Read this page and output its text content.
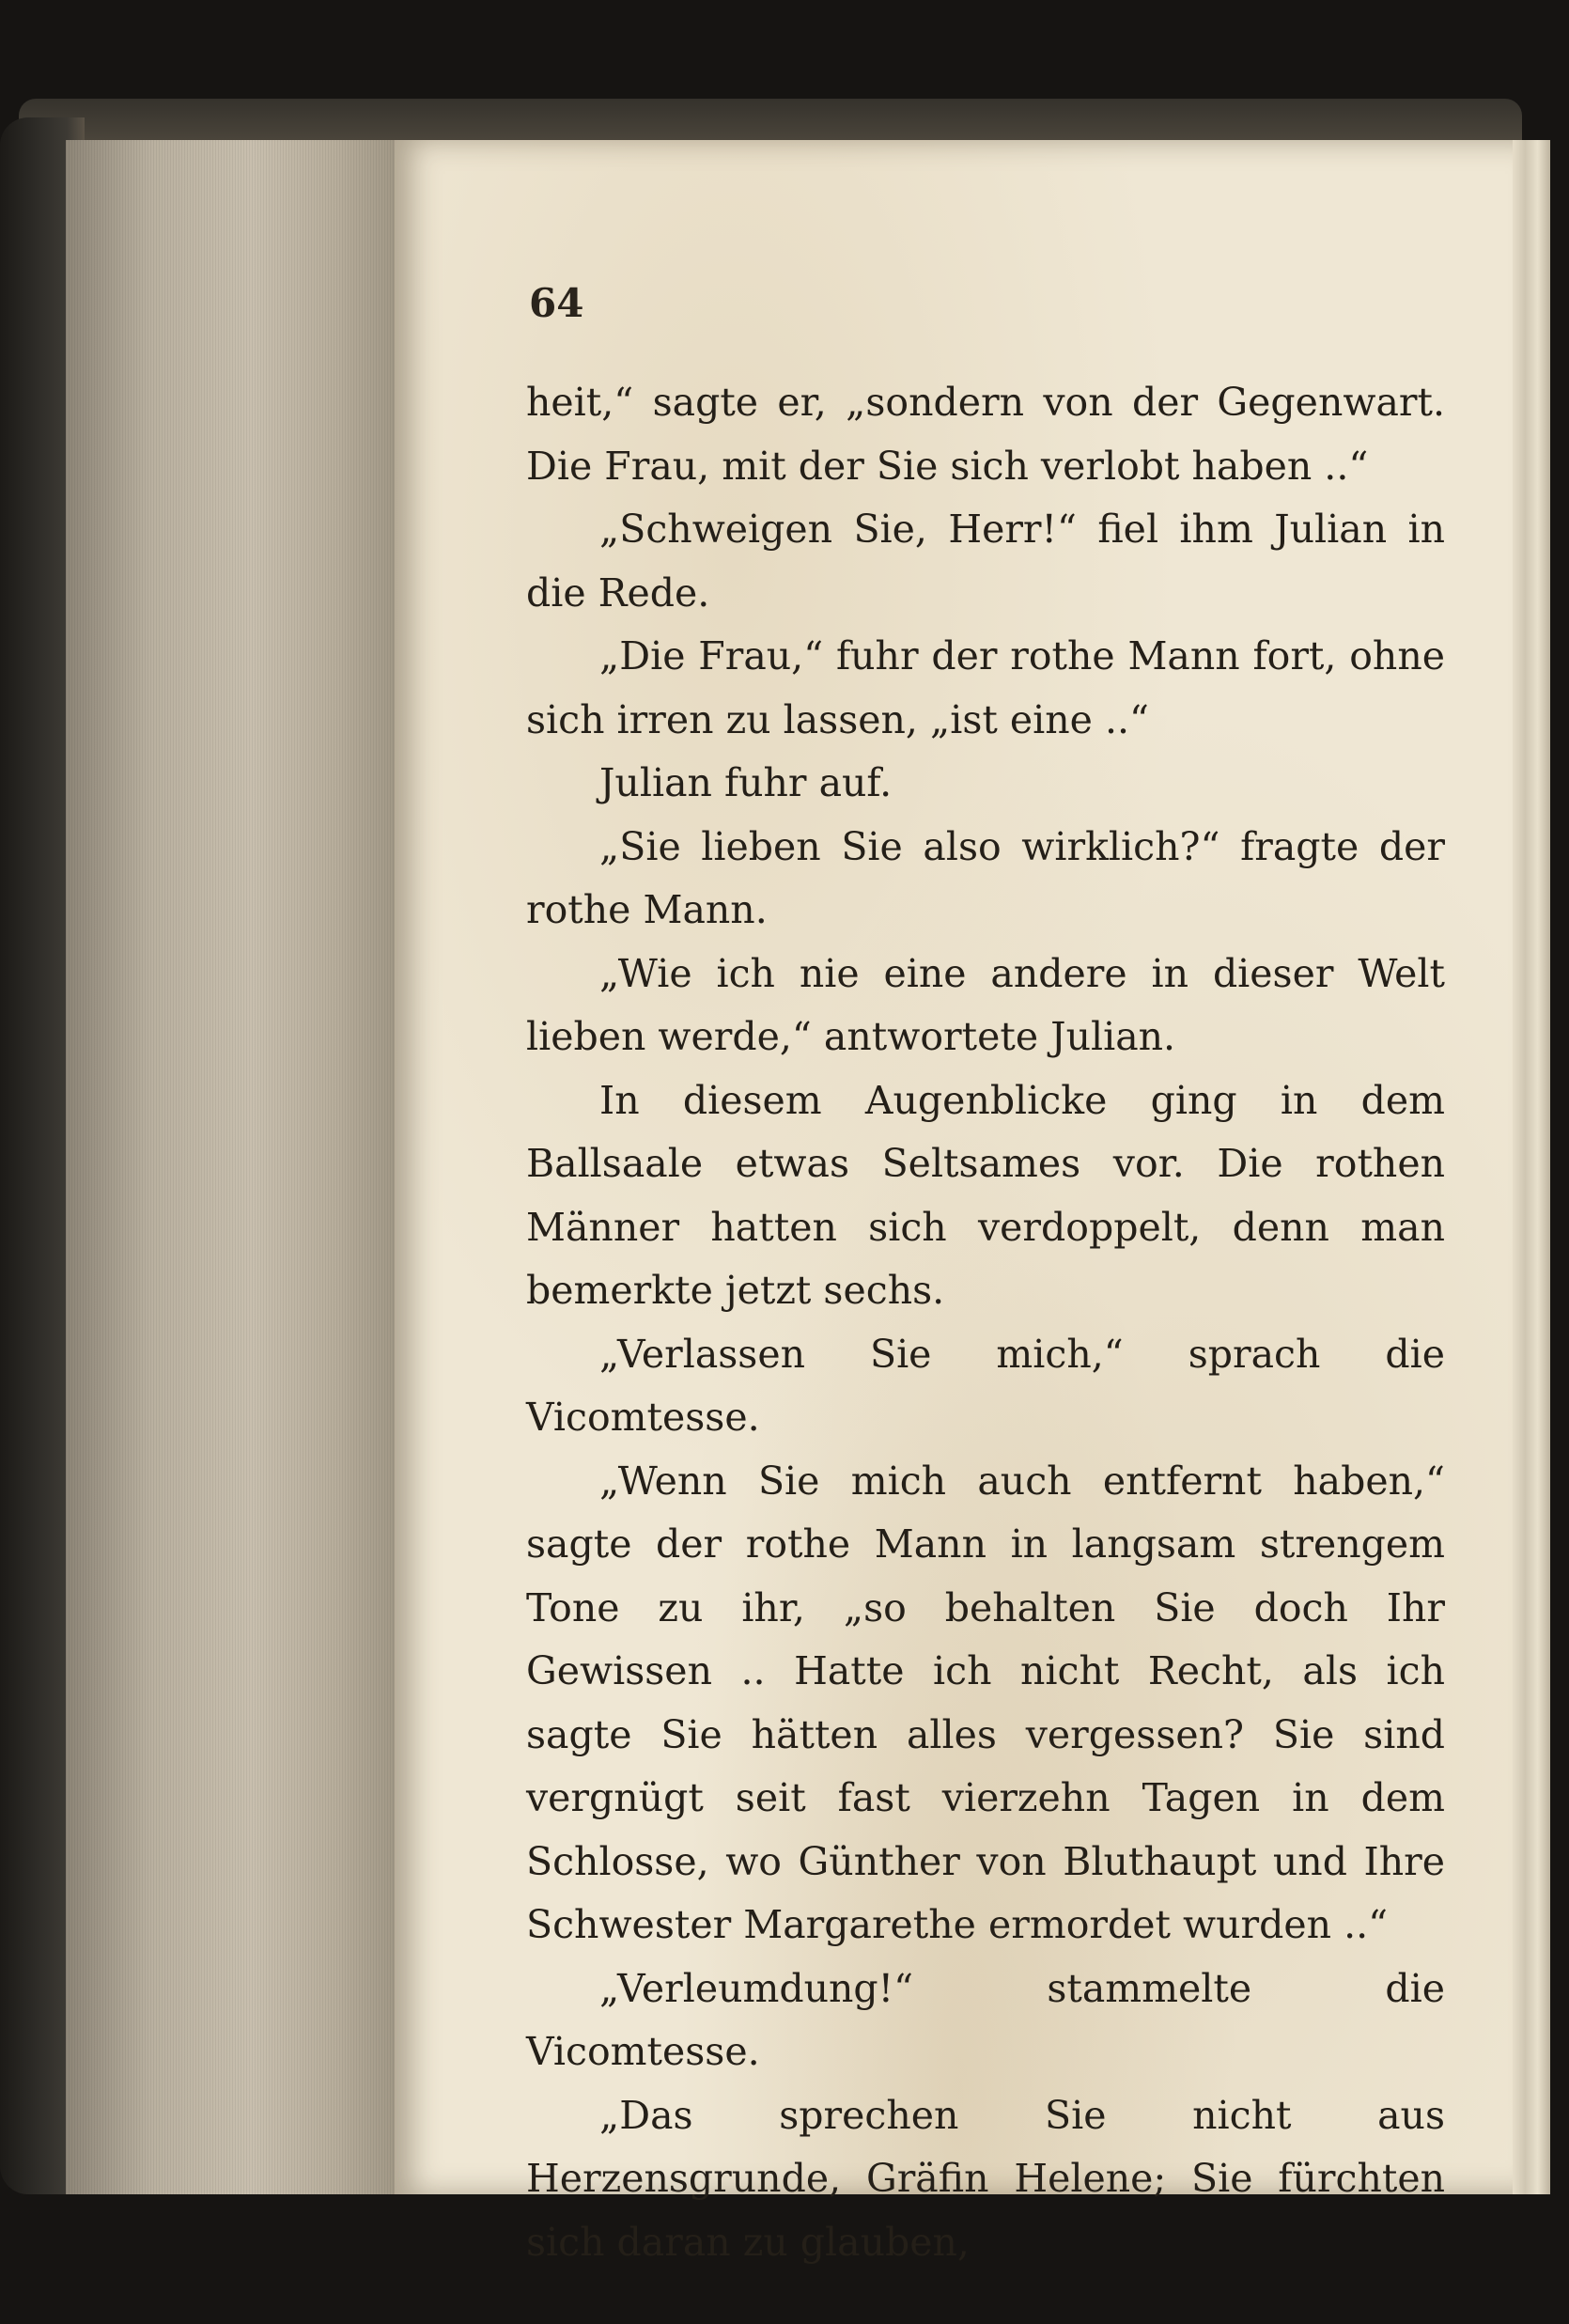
64

heit,“ sagte er, „sondern von der Gegenwart. Die Frau, mit der Sie sich verlobt haben ..“

„Schweigen Sie, Herr!“ fiel ihm Julian in die Rede.

„Die Frau,“ fuhr der rothe Mann fort, ohne sich irren zu lassen, „ist eine ..“

Julian fuhr auf.

„Sie lieben Sie also wirklich?“ fragte der rothe Mann.

„Wie ich nie eine andere in dieser Welt lieben werde,“ antwortete Julian.

In diesem Augenblicke ging in dem Ballsaale etwas Seltsames vor. Die rothen Männer hatten sich verdoppelt, denn man bemerkte jetzt sechs.

„Verlassen Sie mich,“ sprach die Vicomtesse.

„Wenn Sie mich auch entfernt haben,“ sagte der rothe Mann in langsam strengem Tone zu ihr, „so behalten Sie doch Ihr Gewissen .. Hatte ich nicht Recht, als ich sagte Sie hätten alles vergessen? Sie sind vergnügt seit fast vierzehn Tagen in dem Schlosse, wo Günther von Bluthaupt und Ihre Schwester Margarethe ermordet wurden ..“

„Verleumdung!“ stammelte die Vicomtesse.

„Das sprechen Sie nicht aus Herzensgrunde, Gräfin Helene; Sie fürchten sich daran zu glauben,
